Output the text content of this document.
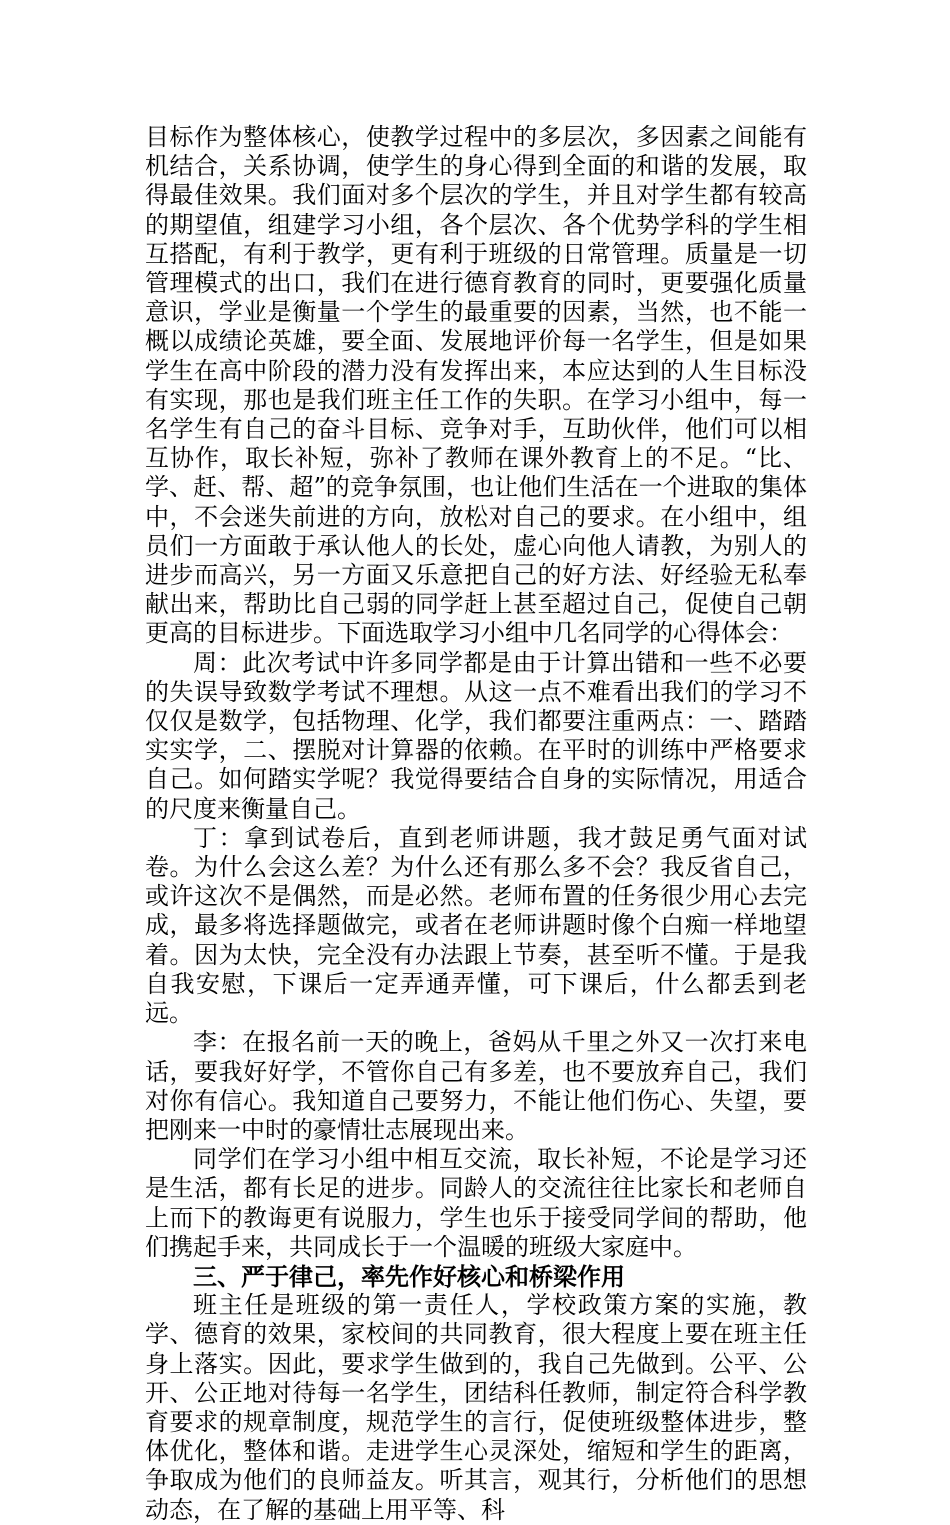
目标作为整体核心，使教学过程中的多层次，多因素之间能有机结合，关系协调，使学生的身心得到全面的和谐的发展，取得最佳效果。我们面对多个层次的学生，并且对学生都有较高的期望值，组建学习小组，各个层次、各个优势学科的学生相互搭配，有利于教学，更有利于班级的日常管理。质量是一切管理模式的出口，我们在进行德育教育的同时，更要强化质量意识，学业是衡量一个学生的最重要的因素，当然，也不能一概以成绩论英雄，要全面、发展地评价每一名学生，但是如果学生在高中阶段的潜力没有发挥出来，本应达到的人生目标没有实现，那也是我们班主任工作的失职。在学习小组中，每一名学生有自己的奋斗目标、竞争对手，互助伙伴，他们可以相互协作，取长补短，弥补了教师在课外教育上的不足。“比、学、赶、帮、超”的竞争氛围，也让他们生活在一个进取的集体中，不会迷失前进的方向，放松对自己的要求。在小组中，组员们一方面敢于承认他人的长处，虚心向他人请教，为别人的进步而高兴，另一方面又乐意把自己的好方法、好经验无私奉献出来，帮助比自己弱的同学赶上甚至超过自己，促使自己朝更高的目标进步。下面选取学习小组中几名同学的心得体会：

周：此次考试中许多同学都是由于计算出错和一些不必要的失误导致数学考试不理想。从这一点不难看出我们的学习不仅仅是数学，包括物理、化学，我们都要注重两点：一、踏踏实实学，二、摆脱对计算器的依赖。在平时的训练中严格要求自己。如何踏实学呢？我觉得要结合自身的实际情况，用适合的尺度来衡量自己。

丁：拿到试卷后，直到老师讲题，我才鼓足勇气面对试卷。为什么会这么差？为什么还有那么多不会？我反省自己，或许这次不是偶然，而是必然。老师布置的任务很少用心去完成，最多将选择题做完，或者在老师讲题时像个白痴一样地望着。因为太快，完全没有办法跟上节奏，甚至听不懂。于是我自我安慰，下课后一定弄通弄懂，可下课后，什么都丢到老远。

李：在报名前一天的晚上，爸妈从千里之外又一次打来电话，要我好好学，不管你自己有多差，也不要放弃自己，我们对你有信心。我知道自己要努力，不能让他们伤心、失望，要把刚来一中时的豪情壮志展现出来。

同学们在学习小组中相互交流，取长补短，不论是学习还是生活，都有长足的进步。同龄人的交流往往比家长和老师自上而下的教诲更有说服力，学生也乐于接受同学间的帮助，他们携起手来，共同成长于一个温暖的班级大家庭中。

三、严于律己，率先作好核心和桥梁作用

班主任是班级的第一责任人，学校政策方案的实施，教学、德育的效果，家校间的共同教育，很大程度上要在班主任身上落实。因此，要求学生做到的，我自己先做到。公平、公开、公正地对待每一名学生，团结科任教师，制定符合科学教育要求的规章制度，规范学生的言行，促使班级整体进步，整体优化，整体和谐。走进学生心灵深处，缩短和学生的距离，争取成为他们的良师益友。听其言，观其行，分析他们的思想动态，在了解的基础上用平等、科
